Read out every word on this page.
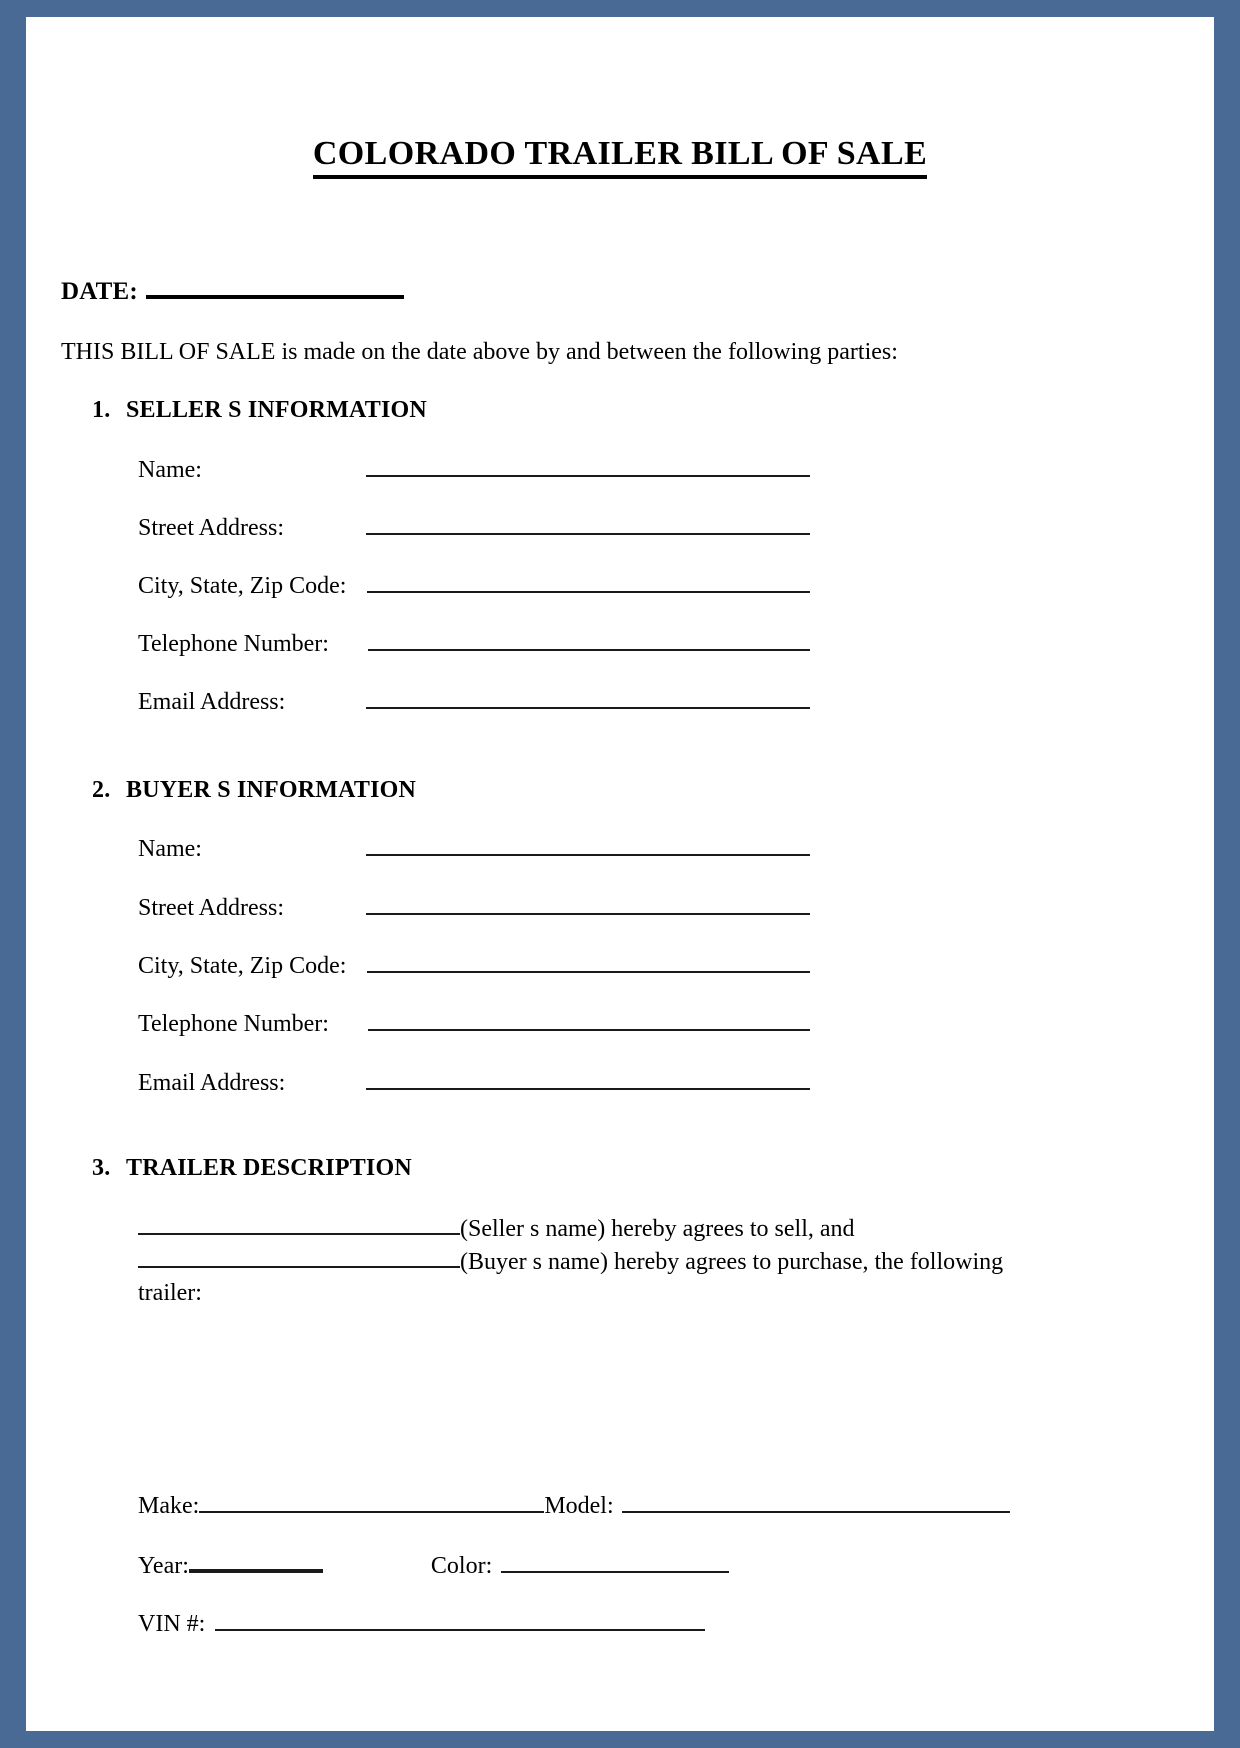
COLORADO TRAILER BILL OF SALE
DATE:
THIS BILL OF SALE is made on the date above by and between the following parties:
1. SELLER S INFORMATION
Name:
Street Address:
City, State, Zip Code:
Telephone Number:
Email Address:
2. BUYER S INFORMATION
Name:
Street Address:
City, State, Zip Code:
Telephone Number:
Email Address:
3. TRAILER DESCRIPTION
(Seller s name) hereby agrees to sell, and
(Buyer s name) hereby agrees to purchase, the following
trailer:
Make:	Model:
Year:	Color:
VIN #:
